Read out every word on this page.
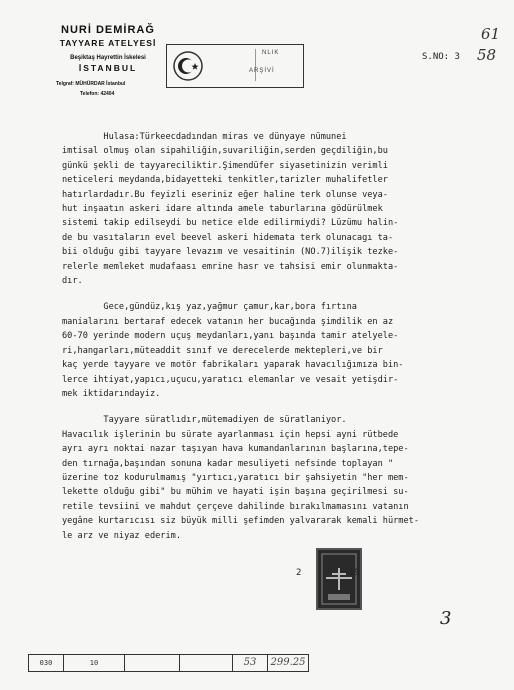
NURİ DEMİRAĞ
TAYYARE ATELYESİ
Beşiktaş Hayrettin İskelesi
İSTANBUL
Telgraf: MÜHÜRDAR İstanbul
Telefon: 42404
NLIK
ARŞİVİ
S.NO: 3
61
58

Hulasa:Türkeecdadından miras ve dünyaye nümunei

imtisal olmuş olan sipahiliğin,suvariliğin,serden geçdiliğin,bu

günkü şekli de tayyareciliktir.Şimendüfer siyasetinizin verimli

neticeleri meydanda,bidayetteki tenkitler,tarizler muhalifetler

hatırlardadır.Bu feyizli eseriniz eğer haline terk olunse veya-

hut inşaatın askeri idare altında amele taburlarına gödürülmek

sistemi takip edilseydi bu netice elde edilirmiydi? Lüzümu halin-

de bu vasıtaların evel beevel askeri hidemata terk olunacagı ta-

bii olduğu gibi tayyare levazım ve vesaitinin (NO.7)ilişik tezke-

relerle memleket mudafaası emrine hasr ve tahsisi emir olunmakta-

dır.

Gece,gündüz,kış yaz,yağmur çamur,kar,bora fırtına

manialarını bertaraf edecek vatanın her bucağında şimdilik en az

60-70 yerinde modern uçuş meydanları,yanı başında tamir atelyele-

ri,hangarları,müteaddit sınıf ve derecelerde mektepleri,ve bir

kaç yerde tayyare ve motör fabrikaları yaparak havacılığımıza bin-

lerce ihtiyat,yapıcı,uçucu,yaratıcı elemanlar ve vesait yetişdir-

mek iktidarındayiz.

Tayyare süratlıdır,mütemadiyen de süratlaniyor.

Havacılık işlerinin bu sürate ayarlanması için hepsi ayni rütbede

ayrı ayrı noktai nazar taşıyan hava kumandanlarının başlarına,tepe-

den tırnağa,başından sonuna kadar mesuliyeti nefsinde toplayan "

üzerine toz kodurulmamış "yırtıcı,yaratıcı bir şahsiyetin "her mem-

lekette olduğu gibi" bu mühim ve hayati işin başına geçirilmesi su-

retile tevsiini ve mahdut çerçeve dahilinde bırakılmamasını vatanın

yegâne kurtarıcısı siz büyük milli şefimden yalvararak kemali hürmet-

le arz ve niyaz ederim.

2	19
3
030	10	53	299.25
